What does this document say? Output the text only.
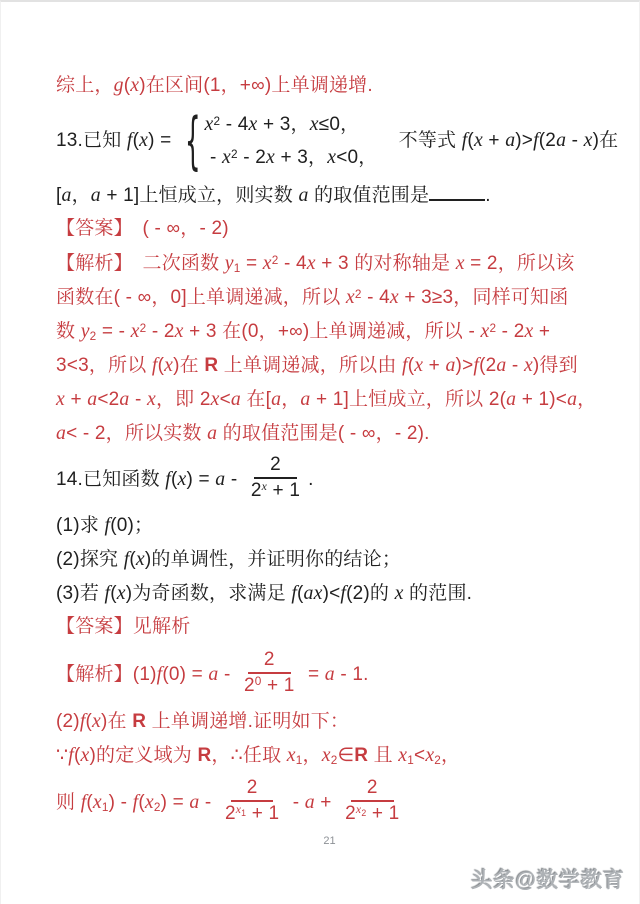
综上，g(x)在区间(1，+∞)上单调递增.
13.已知 f(x) = { $x^2 - 4x + 3$，x≤0，
- $x^2 - 2x + 3$，x<0，
　不等式 f(x + a)>f(2a - x)在
[a，a + 1]上恒成立，则实数 a 的取值范围是	.
【答案】　( - ∞，- 2)
【解析】　二次函数 $y1 = x^2 - 4x + 3$ 的对称轴是 x = 2，所以该
函数在( - ∞，0]上单调递减，所以 $x^2 - 4x + 3\ge 3$，同样可知函
数 y2 = - $x^2 - 2x + 3$ 在(0，+∞)上单调递减，所以 - $x^2 - 2x$ +
3<3，所以 f(x)在 R 上单调递减，所以由 f(x + a)>f(2a - x)得到
x + a<2a - x，即 2x<a 在[a，a + 1]上恒成立，所以 2(a + 1)<a，
a< - 2，所以实数 a 的取值范围是( - ∞，- 2).
14.已知函数 $f(x) = a - \frac{2}{2^x + 1}$ .
(1)求 f(0)；
(2)探究 f(x)的单调性，并证明你的结论；
(3)若 f(x)为奇函数，求满足 f(ax)<f(2)的 x 的范围.
【答案】见解析
【解析】$(1)f(0) = a - \frac{2}{2^0 + 1} = a - 1$.
(2)f(x)在 R 上单调递增.证明如下：
∵f(x)的定义域为 R，∴任取 x1，x2∈R 且 x1<x2，
则 $f(x1) - f(x2) = a - \frac{2}{2^x1 + 1} - a + \frac{2}{2^x2 + 1}$
21
头条@数学教育
